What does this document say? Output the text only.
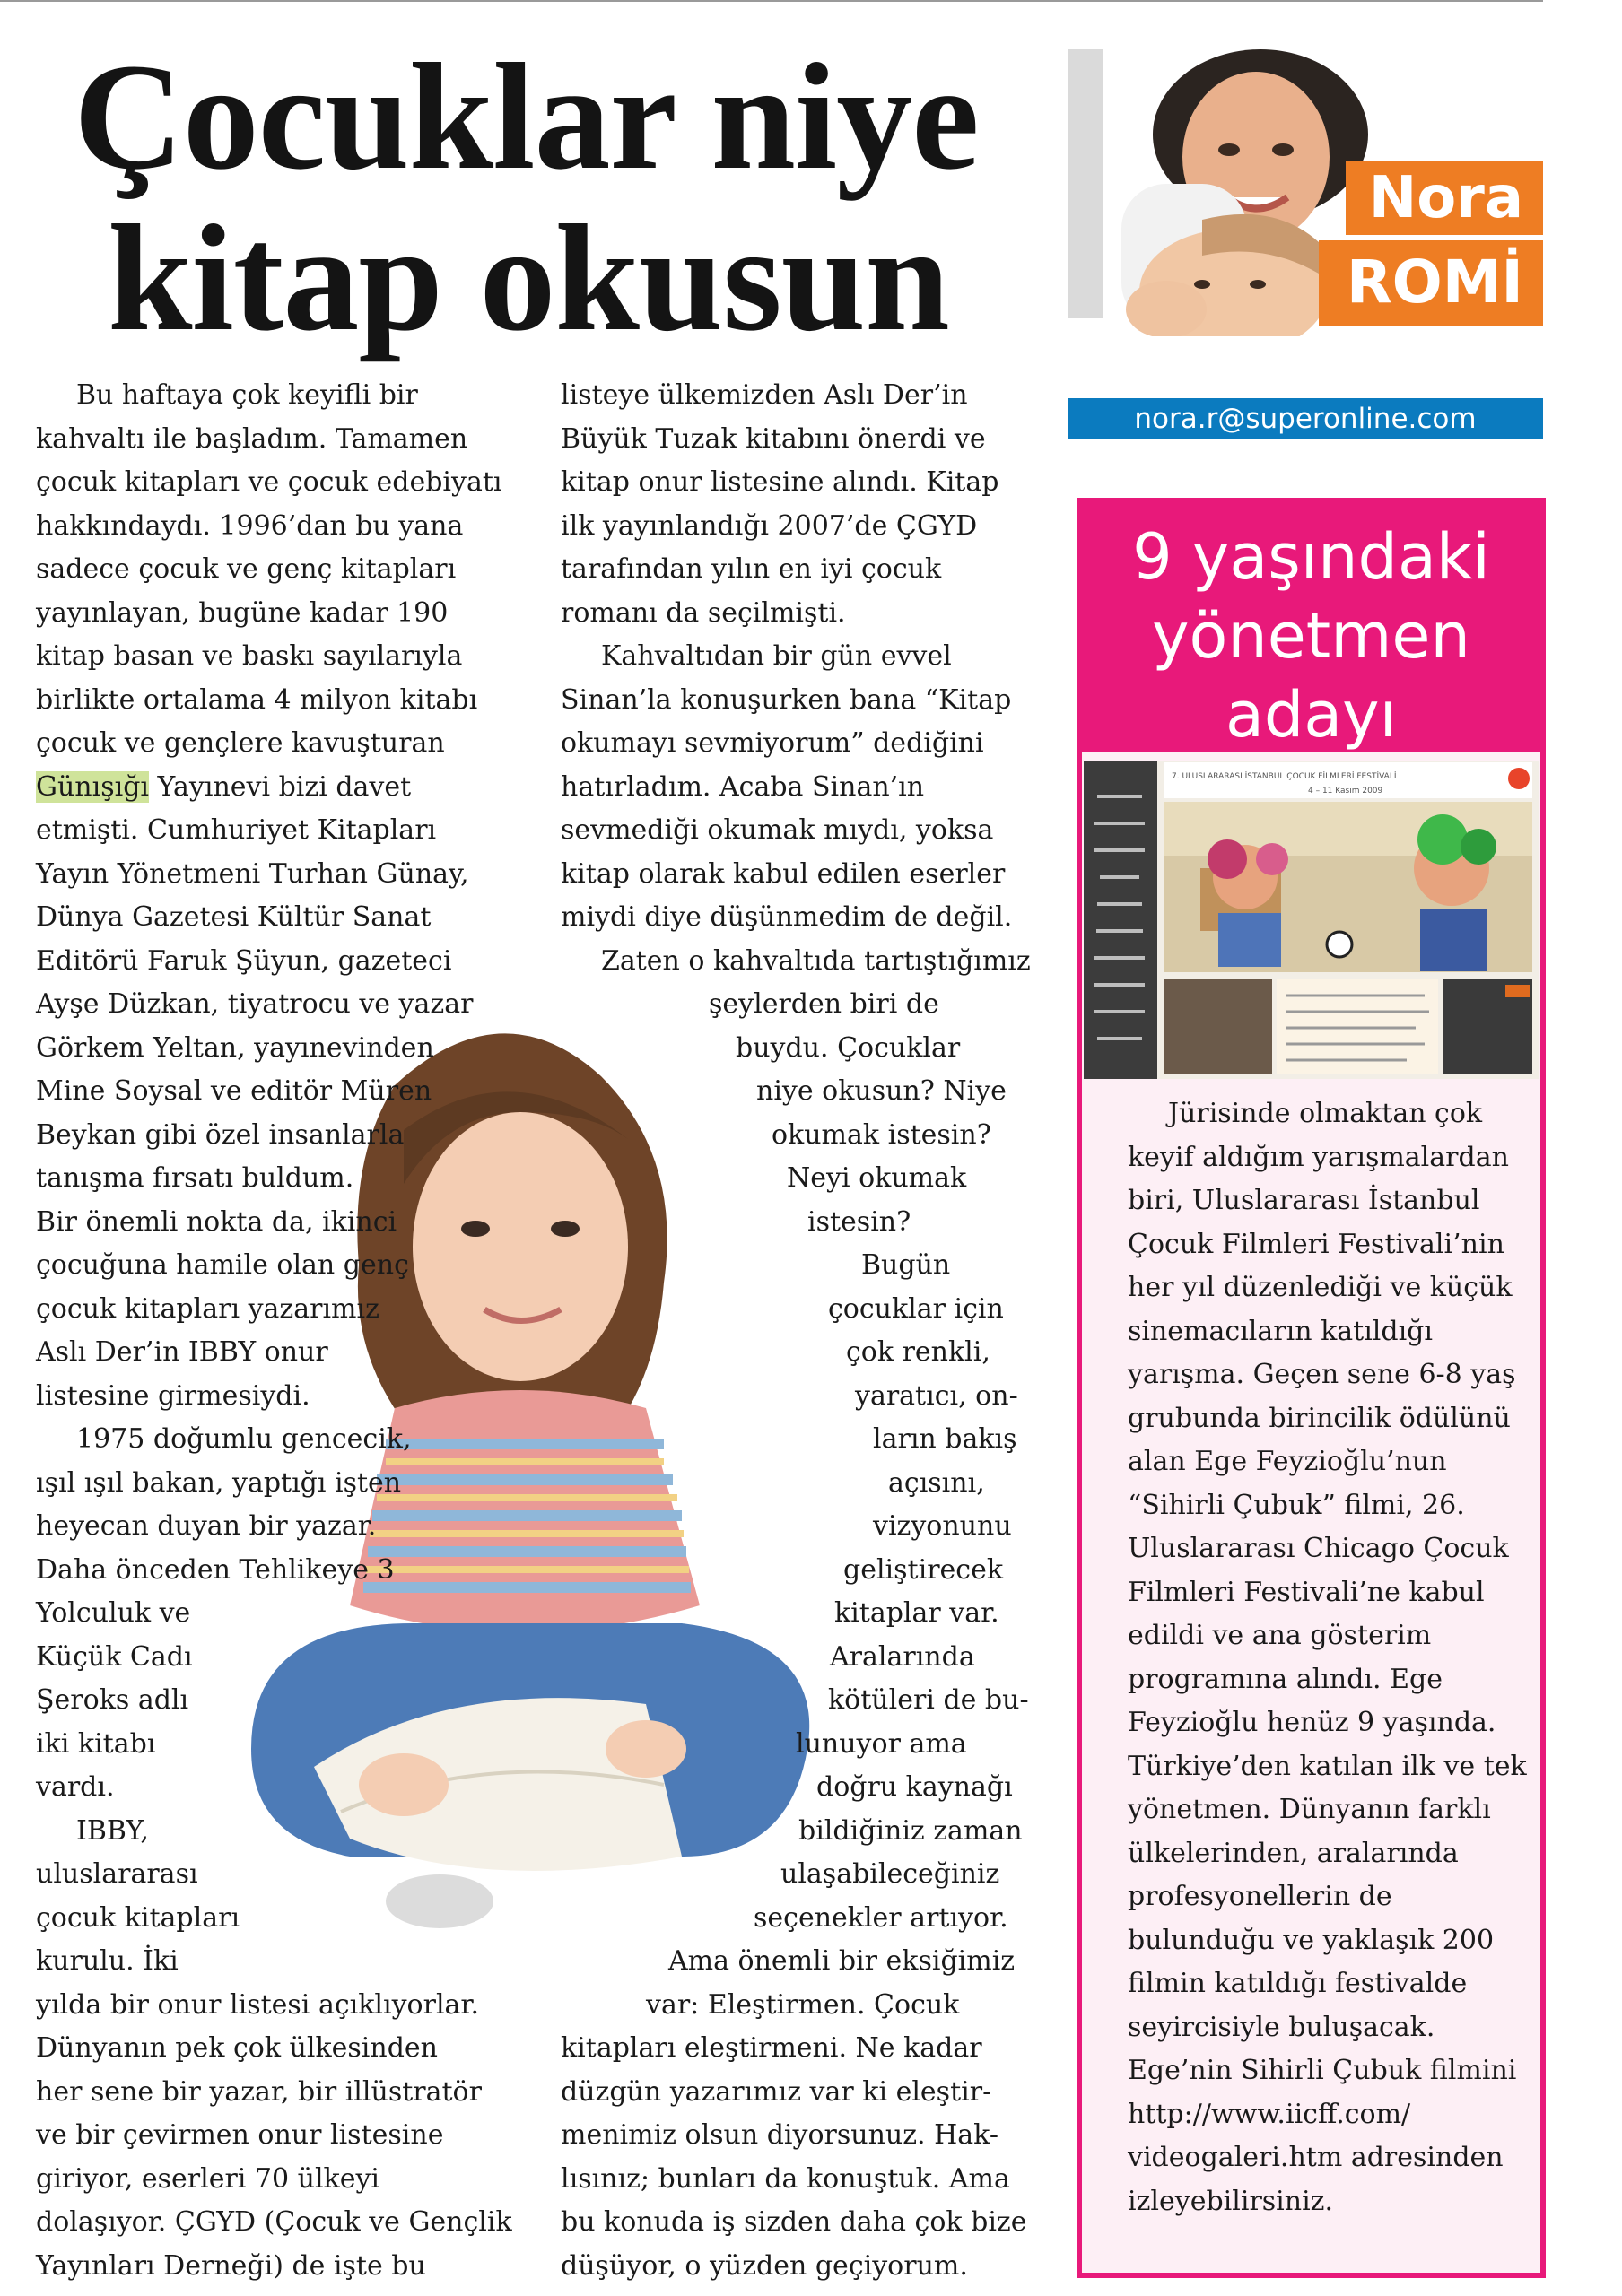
Çocuklar niye
kitap okusun	Nora
ROMİ
nora.r@superonline.com
Bu haftaya çok keyifli bir
kahvaltı ile başladım. Tamamen
çocuk kitapları ve çocuk edebiyatı
hakkındaydı. 1996’dan bu yana
sadece çocuk ve genç kitapları
yayınlayan, bugüne kadar 190
kitap basan ve baskı sayılarıyla
birlikte ortalama 4 milyon kitabı
çocuk ve gençlere kavuşturan
Günışığı Yayınevi bizi davet
etmişti. Cumhuriyet Kitapları
Yayın Yönetmeni Turhan Günay,
Dünya Gazetesi Kültür Sanat
Editörü Faruk Şüyun, gazeteci
Ayşe Düzkan, tiyatrocu ve yazar
Görkem Yeltan, yayınevinden
Mine Soysal ve editör Müren
Beykan gibi özel insanlarla
tanışma fırsatı buldum.
Bir önemli nokta da, ikinci
çocuğuna hamile olan genç
çocuk kitapları yazarımız
Aslı Der’in IBBY onur
listesine girmesiydi.
1975 doğumlu gencecik,
ışıl ışıl bakan, yaptığı işten
heyecan duyan bir yazar.
Daha önceden Tehlikeye 3
Yolculuk ve
Küçük Cadı
Şeroks adlı
iki kitabı
vardı.
IBBY,
uluslararası
çocuk kitapları
kurulu. İki
yılda bir onur listesi açıklıyorlar.
Dünyanın pek çok ülkesinden
her sene bir yazar, bir illüstratör
ve bir çevirmen onur listesine
giriyor, eserleri 70 ülkeyi
dolaşıyor. ÇGYD (Çocuk ve Gençlik
Yayınları Derneği) de işte bu
listeye ülkemizden Aslı Der’in
Büyük Tuzak kitabını önerdi ve
kitap onur listesine alındı. Kitap
ilk yayınlandığı 2007’de ÇGYD
tarafından yılın en iyi çocuk
romanı da seçilmişti.
Kahvaltıdan bir gün evvel
Sinan’la konuşurken bana “Kitap
okumayı sevmiyorum” dediğini
hatırladım. Acaba Sinan’ın
sevmediği okumak mıydı, yoksa
kitap olarak kabul edilen eserler
miydi diye düşünmedim de değil.
Zaten o kahvaltıda tartıştığımız
şeylerden biri de
buydu. Çocuklar
niye okusun? Niye
okumak istesin?
Neyi okumak
istesin?
Bugün
çocuklar için
çok renkli,
yaratıcı, on-
ların bakış
açısını,
vizyonunu
geliştirecek
kitaplar var.
Aralarında
kötüleri de bu-
lunuyor ama
doğru kaynağı
bildiğiniz zaman
ulaşabileceğiniz
seçenekler artıyor.
Ama önemli bir eksiğimiz
var: Eleştirmen. Çocuk
kitapları eleştirmeni. Ne kadar
düzgün yazarımız var ki eleştir-
menimiz olsun diyorsunuz. Hak-
lısınız; bunları da konuştuk. Ama
bu konuda iş sizden daha çok bize
düşüyor, o yüzden geçiyorum.
9 yaşındaki
yönetmen
adayı
7. ULUSLARARASI İSTANBUL ÇOCUK FİLMLERİ FESTİVALİ
4 – 11 Kasım 2009
Jürisinde olmaktan çok
keyif aldığım yarışmalardan
biri, Uluslararası İstanbul
Çocuk Filmleri Festivali’nin
her yıl düzenlediği ve küçük
sinemacıların katıldığı
yarışma. Geçen sene 6-8 yaş
grubunda birincilik ödülünü
alan Ege Feyzioğlu’nun
“Sihirli Çubuk” filmi, 26.
Uluslararası Chicago Çocuk
Filmleri Festivali’ne kabul
edildi ve ana gösterim
programına alındı. Ege
Feyzioğlu henüz 9 yaşında.
Türkiye’den katılan ilk ve tek
yönetmen. Dünyanın farklı
ülkelerinden, aralarında
profesyonellerin de
bulunduğu ve yaklaşık 200
filmin katıldığı festivalde
seyircisiyle buluşacak.
Ege’nin Sihirli Çubuk filmini
http://www.iicff.com/
videogaleri.htm adresinden
izleyebilirsiniz.
